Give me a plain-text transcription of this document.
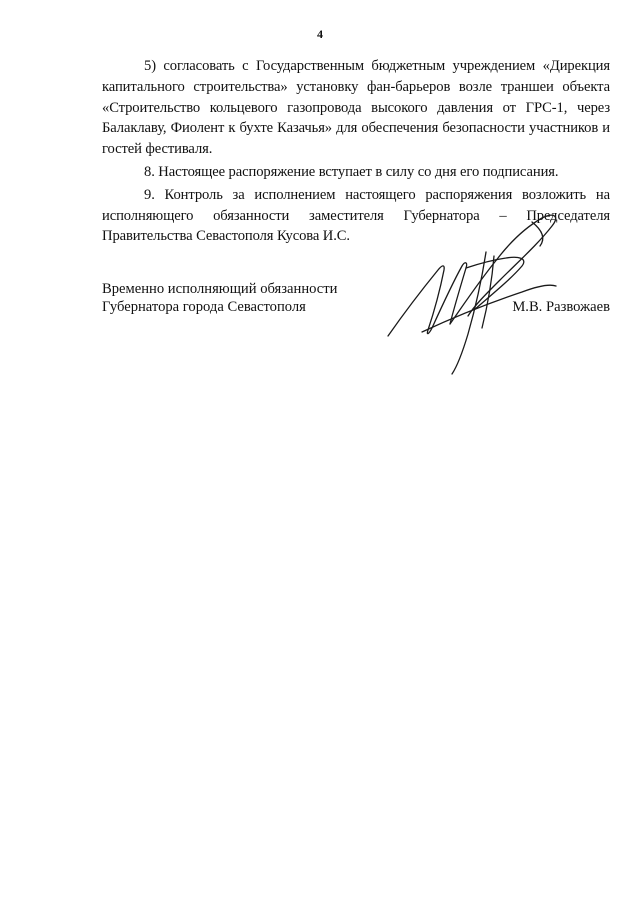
4

5) согласовать с Государственным бюджетным учреждением «Дирекция капитального строительства» установку фан-барьеров возле траншеи объекта «Строительство кольцевого газопровода высокого давления от ГРС-1, через Балаклаву, Фиолент к бухте Казачья» для обеспечения безопасности участников и гостей фестиваля.

8. Настоящее распоряжение вступает в силу со дня его подписания.

9. Контроль за исполнением настоящего распоряжения возложить на исполняющего обязанности заместителя Губернатора – Председателя Правительства Севастополя Кусова И.С.

Временно исполняющий обязанности
Губернатора города Севастополя	М.В. Развожаев
